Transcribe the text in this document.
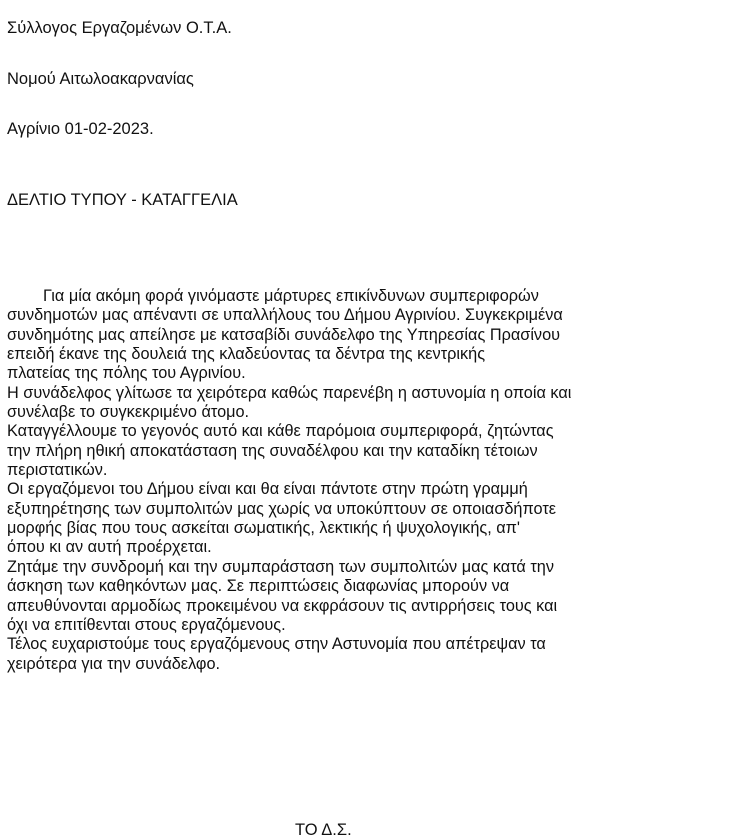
Σύλλογος Εργαζομένων Ο.Τ.Α.
Νομού Αιτωλοακαρνανίας
Αγρίνιο 01-02-2023.
ΔΕΛΤΙΟ ΤΥΠΟΥ - ΚΑΤΑΓΓΕΛΙΑ

Για μία ακόμη φορά γινόμαστε μάρτυρες επικίνδυνων συμπεριφορών
συνδημοτών μας απέναντι σε υπαλλήλους του Δήμου Αγρινίου. Συγκεκριμένα
συνδημότης μας απείλησε με κατσαβίδι συνάδελφο της Υπηρεσίας Πρασίνου
επειδή έκανε της δουλειά της κλαδεύοντας τα δέντρα της κεντρικής
πλατείας της πόλης του Αγρινίου.

Η συνάδελφος γλίτωσε τα χειρότερα καθώς παρενέβη η αστυνομία η οποία και
συνέλαβε το συγκεκριμένο άτομο.

Καταγγέλλουμε το γεγονός αυτό και κάθε παρόμοια συμπεριφορά, ζητώντας
την πλήρη ηθική αποκατάσταση της συναδέλφου και την καταδίκη τέτοιων
περιστατικών.

Οι εργαζόμενοι του Δήμου είναι και θα είναι πάντοτε στην πρώτη γραμμή
εξυπηρέτησης των συμπολιτών μας χωρίς να υποκύπτουν σε οποιασδήποτε
μορφής βίας που τους ασκείται σωματικής, λεκτικής ή ψυχολογικής, απ'
όπου κι αν αυτή προέρχεται.

Ζητάμε την συνδρομή και την συμπαράσταση των συμπολιτών μας κατά την
άσκηση των καθηκόντων μας. Σε περιπτώσεις διαφωνίας μπορούν να
απευθύνονται αρμοδίως προκειμένου να εκφράσουν τις αντιρρήσεις τους και
όχι να επιτίθενται στους εργαζόμενους.

Τέλος ευχαριστούμε τους εργαζόμενους στην Αστυνομία που απέτρεψαν τα
χειρότερα για την συνάδελφο.

ΤΟ Δ.Σ.
